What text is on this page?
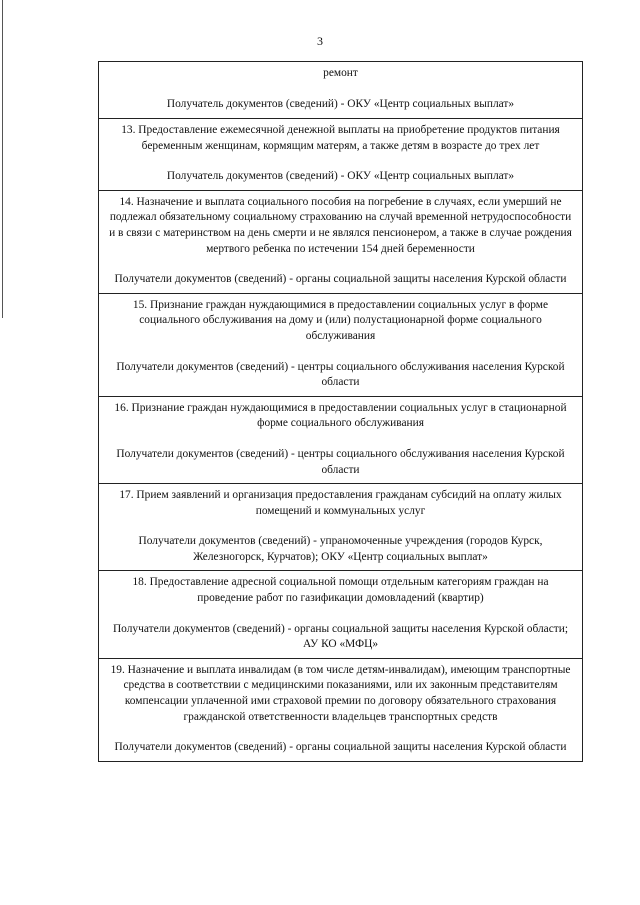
3
ремонт
Получатель документов (сведений) - ОКУ «Центр социальных выплат»

13. Предоставление ежемесячной денежной выплаты на приобретение продуктов питания беременным женщинам, кормящим матерям, а также детям в возрасте до трех лет
Получатель документов (сведений) - ОКУ «Центр социальных выплат»

14. Назначение и выплата социального пособия на погребение в случаях, если умерший не подлежал обязательному социальному страхованию на случай временной нетрудоспособности и в связи с материнством на день смерти и не являлся пенсионером, а также в случае рождения мертвого ребенка по истечении 154 дней беременности
Получатели документов (сведений) - органы социальной защиты населения Курской области

15. Признание граждан нуждающимися в предоставлении социальных услуг в форме социального обслуживания на дому и (или) полустационарной форме социального обслуживания
Получатели документов (сведений) - центры социального обслуживания населения Курской области

16. Признание граждан нуждающимися в предоставлении социальных услуг в стационарной форме социального обслуживания
Получатели документов (сведений) - центры социального обслуживания населения Курской области

17. Прием заявлений и организация предоставления гражданам субсидий на оплату жилых помещений и коммунальных услуг
Получатели документов (сведений) - упраномоченные учреждения (городов Курск, Железногорск, Курчатов); ОКУ «Центр социальных выплат»

18. Предоставление адресной социальной помощи отдельным категориям граждан на проведение работ по газификации домовладений (квартир)
Получатели документов (сведений) - органы социальной защиты населения Курской области; АУ КО «МФЦ»

19. Назначение и выплата инвалидам (в том числе детям-инвалидам), имеющим транспортные средства в соответствии с медицинскими показаниями, или их законным представителям компенсации уплаченной ими страховой премии по договору обязательного страхования гражданской ответственности владельцев транспортных средств
Получатели документов (сведений) - органы социальной защиты населения Курской области
